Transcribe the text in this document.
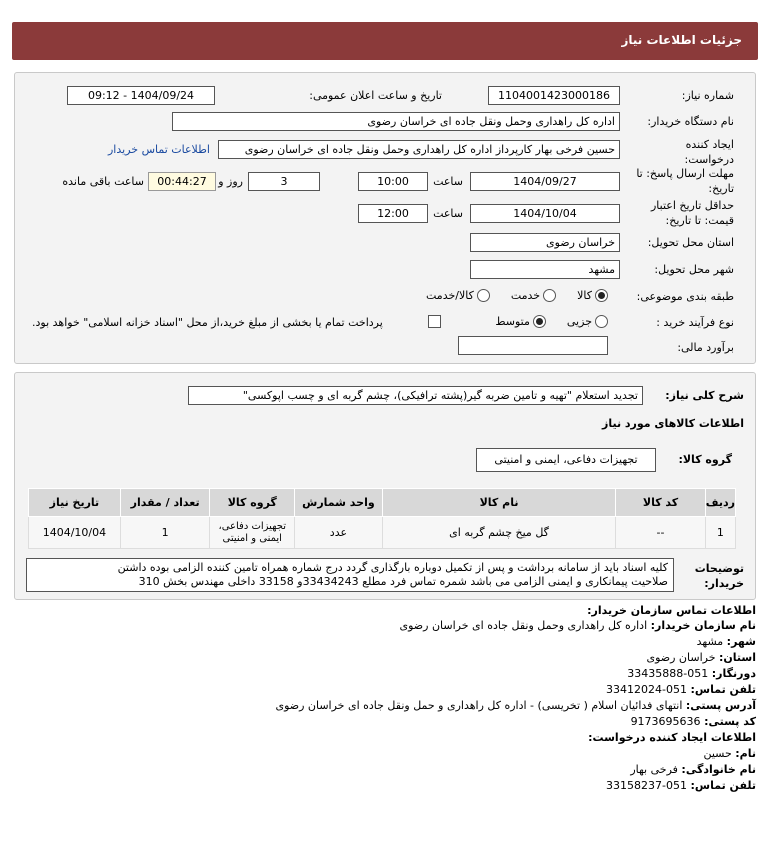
جزئیات اطلاعات نیاز
شماره نیاز:
1104001423000186
تاریخ و ساعت اعلان عمومی:
1404/09/24 - 09:12
نام دستگاه خریدار:
اداره کل راهداری وحمل ونقل جاده ای خراسان رضوی
ایجاد کننده درخواست:
حسین فرخی بهار کارپرداز اداره کل راهداری وحمل ونقل جاده ای خراسان رضوی
اطلاعات تماس خریدار
مهلت ارسال پاسخ: تا تاریخ:
1404/09/27
ساعت
10:00
3
روز و
00:44:27
ساعت باقی مانده
حداقل تاریخ اعتبار قیمت: تا تاریخ:
1404/10/04
ساعت
12:00
استان محل تحویل:
خراسان رضوی
شهر محل تحویل:
مشهد
طبقه بندی موضوعی:
کالا  خدمت  کالا/خدمت
نوع فرآیند خرید :
جزیی  متوسط
پرداخت تمام یا بخشی از مبلغ خرید،از محل "اسناد خزانه اسلامی" خواهد بود.
برآورد مالی:
شرح کلی نیاز:
تجدید استعلام "تهیه و تامین ضربه گیر(پشته ترافیکی)، چشم گربه ای و چسب اپوکسی"
اطلاعات کالاهای مورد نیاز
گروه کالا:
تجهیزات دفاعی، ایمنی و امنیتی
ردیف	کد کالا	نام کالا	واحد شمارش	گروه کالا	تعداد / مقدار	تاریخ نیاز
1	--	گل میخ چشم گربه ای	عدد	تجهیزات دفاعی، ایمنی و امنیتی	1	1404/10/04
توضیحات خریدار:
کلیه اسناد باید از سامانه برداشت و پس از تکمیل دوباره بارگذاری گردد درج شماره همراه تامین کننده الزامی بوده داشتن
صلاحیت پیمانکاری و ایمنی الزامی می باشد شمره تماس فرد مطلع 33434243و 33158 داخلی مهندس بخش 310
اطلاعات تماس سازمان خریدار:
نام سازمان خریدار: اداره کل راهداری وحمل ونقل جاده ای خراسان رضوی
شهر: مشهد
استان: خراسان رضوی
دورنگار: 051-33435888
تلفن تماس: 051-33412024
آدرس پستی: انتهای فدائیان اسلام ( تخریسی) - اداره کل راهداری و حمل ونقل جاده ای خراسان رضوی
کد پستی: 9173695636
اطلاعات ایجاد کننده درخواست:
نام: حسین
نام خانوادگی: فرخی بهار
تلفن تماس: 051-33158237
